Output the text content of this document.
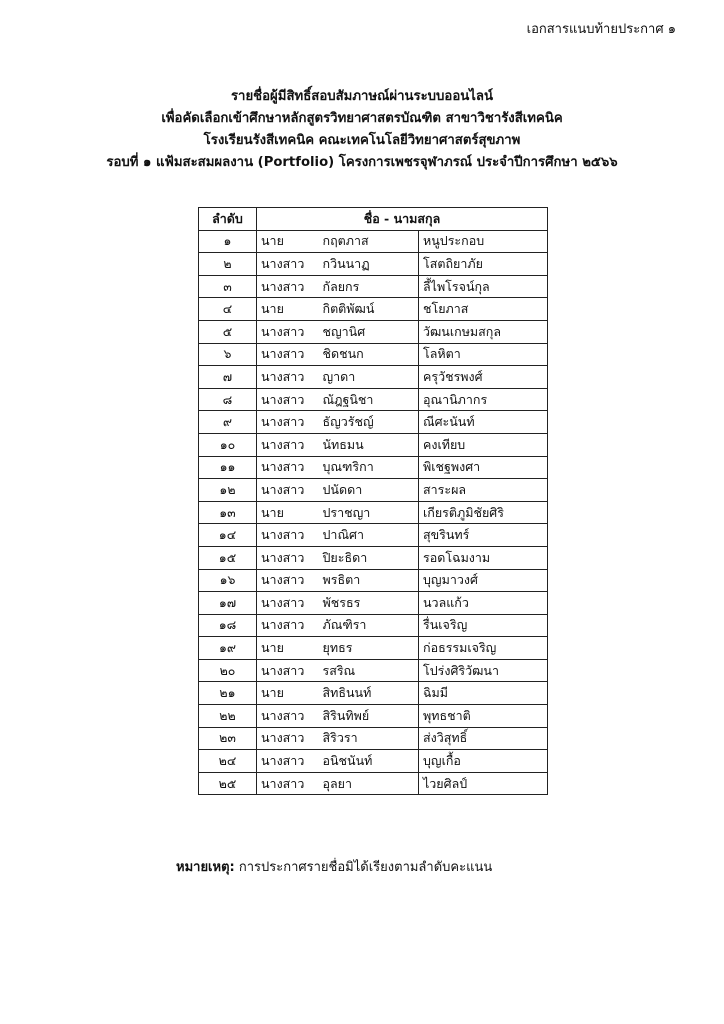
เอกสารแนบท้ายประกาศ ๑
รายชื่อผู้มีสิทธิ์สอบสัมภาษณ์ผ่านระบบออนไลน์
เพื่อคัดเลือกเข้าศึกษาหลักสูตรวิทยาศาสตรบัณฑิต สาขาวิชารังสีเทคนิค
โรงเรียนรังสีเทคนิค คณะเทคโนโลยีวิทยาศาสตร์สุขภาพ
รอบที่ ๑ แฟ้มสะสมผลงาน (Portfolio) โครงการเพชรจุฬาภรณ์ ประจำปีการศึกษา ๒๕๖๖
ลำดับ	ชื่อ - นามสกุล		
๑	นาย	กฤตภาส	หนูประกอบ
๒	นางสาว	กวินนาฏ	โสตถิยาภัย
๓	นางสาว	กัลยกร	ลี้ไพโรจน์กุล
๔	นาย	กิตติพัฒน์	ชโยภาส
๕	นางสาว	ชญานิศ	วัฒนเกษมสกุล
๖	นางสาว	ชิดชนก	โลหิตา
๗	นางสาว	ญาดา	ครุวัชรพงศ์
๘	นางสาว	ณัฎฐนิชา	อุณานิภากร
๙	นางสาว	ธัญวรัชญ์	ณีศะนันท์
๑๐	นางสาว	นัทธมน	คงเทียบ
๑๑	นางสาว	บุณฑริกา	พิเชฐพงศา
๑๒	นางสาว	ปนัดดา	สาระผล
๑๓	นาย	ปราชญา	เกียรติภูมิชัยศิริ
๑๔	นางสาว	ปาณิศา	สุขรินทร์
๑๕	นางสาว	ปิยะธิดา	รอดโฉมงาม
๑๖	นางสาว	พรธิตา	บุญมาวงศ์
๑๗	นางสาว	พัชรธร	นวลแก้ว
๑๘	นางสาว	ภัณฑิรา	รื่นเจริญ
๑๙	นาย	ยุทธร	ก่อธรรมเจริญ
๒๐	นางสาว	รสริณ	โปร่งศิริวัฒนา
๒๑	นาย	สิทธินนท์	ฉิมมี
๒๒	นางสาว	สิรินทิพย์	พุทธชาติ
๒๓	นางสาว	สิริวรา	ส่งวิสุทธิ์
๒๔	นางสาว	อนิชนันท์	บุญเกื้อ
๒๕	นางสาว	อุลยา	ไวยศิลป์
หมายเหตุ: การประกาศรายชื่อมิได้เรียงตามลำดับคะแนน
